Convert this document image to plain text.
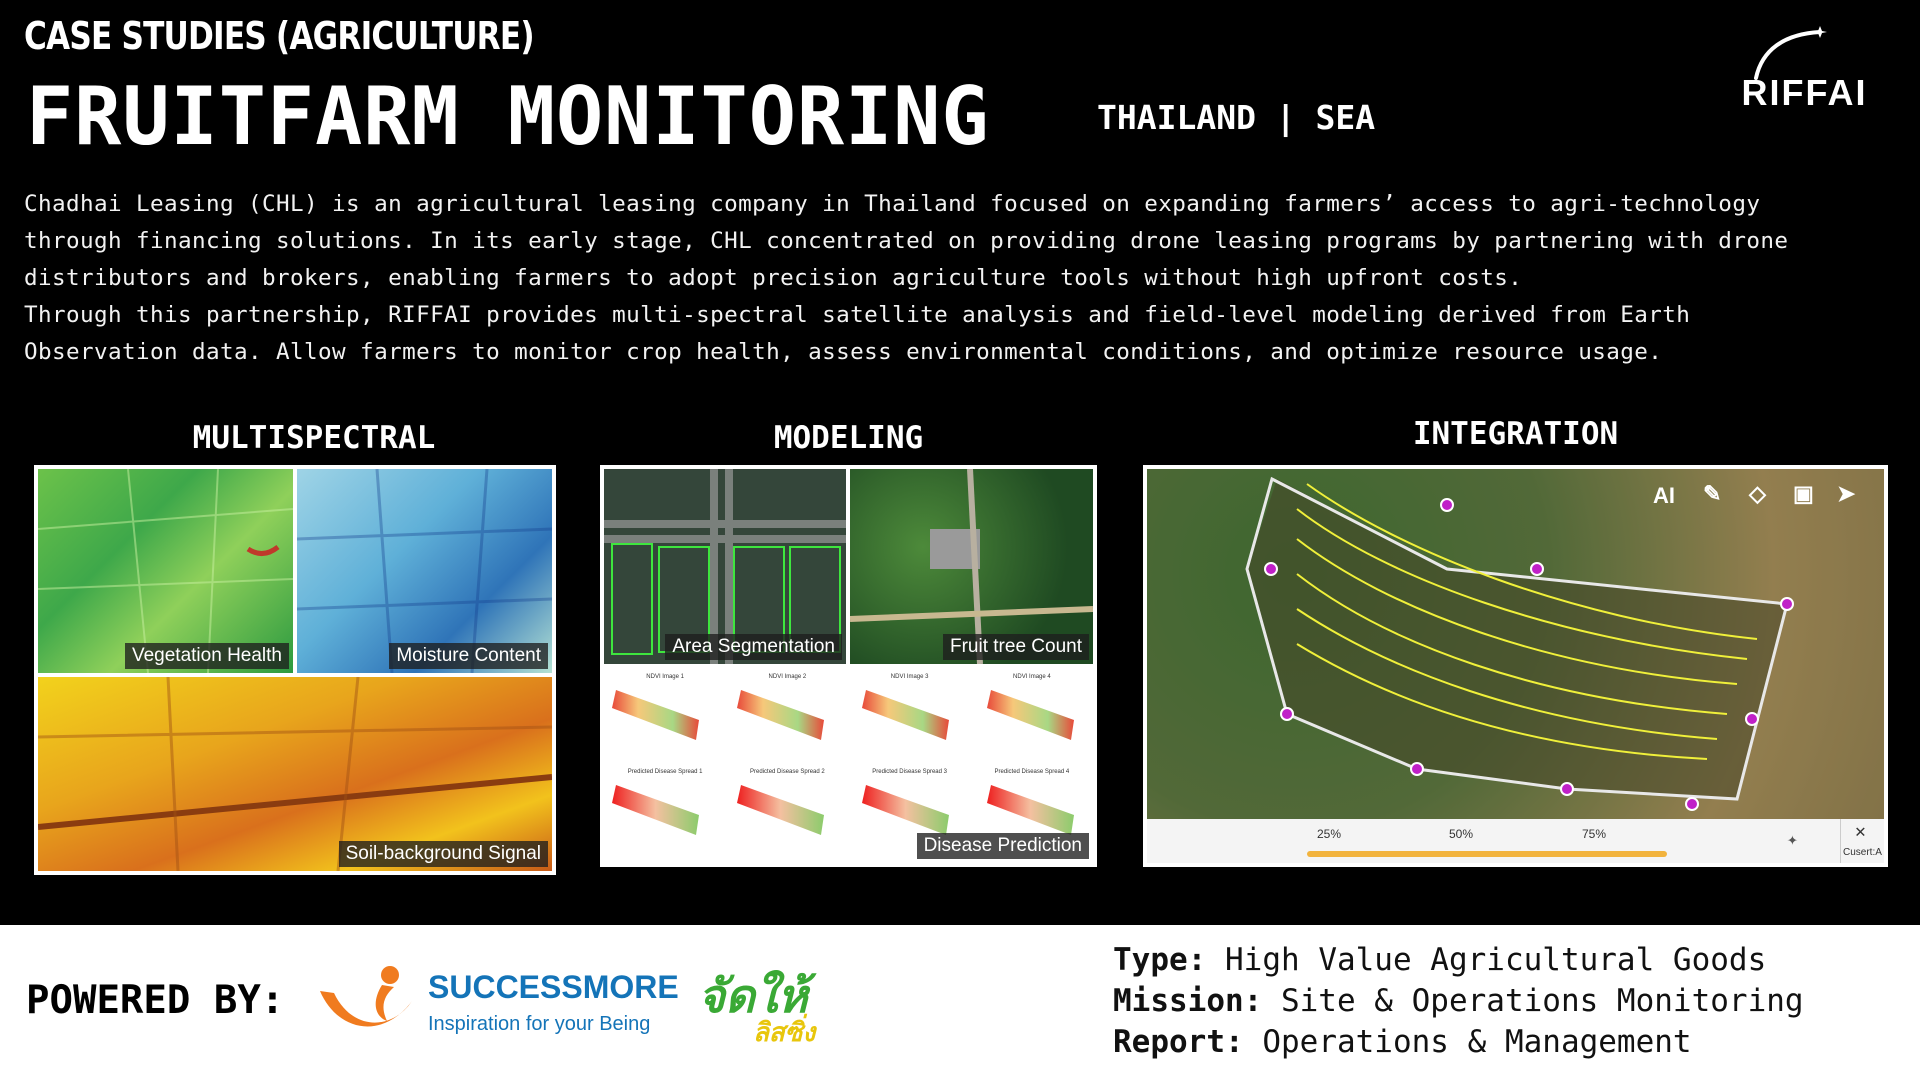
CASE STUDIES (AGRICULTURE)
FRUITFARM MONITORING	THAILAND | SEA
RIFFAI

Chadhai Leasing (CHL) is an agricultural leasing company in Thailand focused on expanding farmers’ access to agri-technology

through financing solutions. In its early stage, CHL concentrated on providing drone leasing programs by partnering with drone

distributors and brokers, enabling farmers to adopt precision agriculture tools without high upfront costs.

Through this partnership, RIFFAI provides multi-spectral satellite analysis and field-level modeling derived from Earth

Observation data. Allow farmers to monitor crop health, assess environmental conditions, and optimize resource usage.

MULTISPECTRAL
Vegetation Health	Moisture Content
Soil-background Signal
MODELING
Area Segmentation	Fruit tree Count
NDVI Image 1	NDVI Image 2	NDVI Image 3	NDVI Image 4
Predicted Disease Spread 1	Predicted Disease Spread 2	Predicted Disease Spread 3	Predicted Disease Spread 4
Disease Prediction
INTEGRATION
AI ✎ ◇ ▣ ➤
25%	50%	75%	✦	✕
Cusert:A
POWERED BY:	SUCCESSMORE
Inspiration for your Being
จัดให้
ลิสซิ่ง
Type: High Value Agricultural Goods
Mission: Site & Operations Monitoring
Report: Operations & Management
